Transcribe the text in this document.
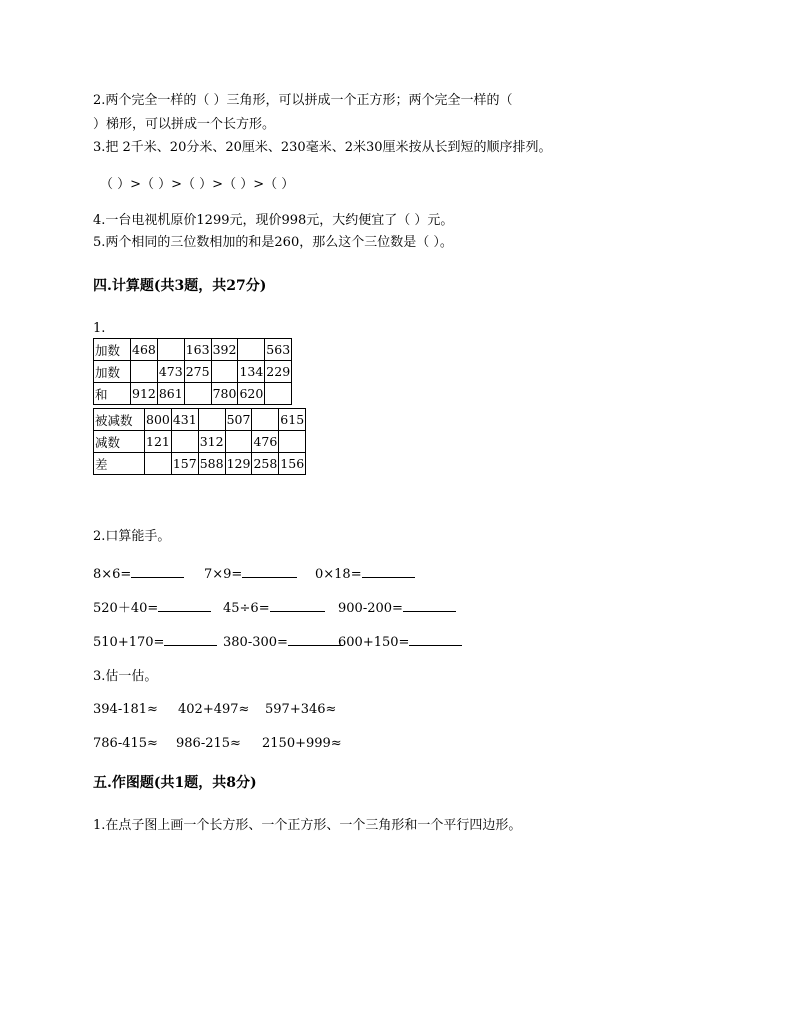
2.两个完全一样的（ ）三角形，可以拼成一个正方形；两个完全一样的（
）梯形，可以拼成一个长方形。
3.把 2千米、20分米、20厘米、230毫米、2米30厘米按从长到短的顺序排列。
（ ）>（ ）>（ ）>（ ）>（ ）
4.一台电视机原价1299元，现价998元，大约便宜了（ ）元。
5.两个相同的三位数相加的和是260，那么这个三位数是（ ）。
四.计算题(共3题，共27分)
1.
加数	468		163	392		563
加数		473	275		134	229
和	912	861		780	620	
被减数	800	431		507		615
减数	121		312		476	
差		157	588	129	258	156
2.口算能手。
8×6=	7×9=	0×18=
520＋40=	45÷6=	900-200=
510+170=	380-300=	600+150=
3.估一估。
394-181≈ 402+497≈ 597+346≈
786-415≈ 986-215≈ 2150+999≈
五.作图题(共1题，共8分)
1.在点子图上画一个长方形、一个正方形、一个三角形和一个平行四边形。
